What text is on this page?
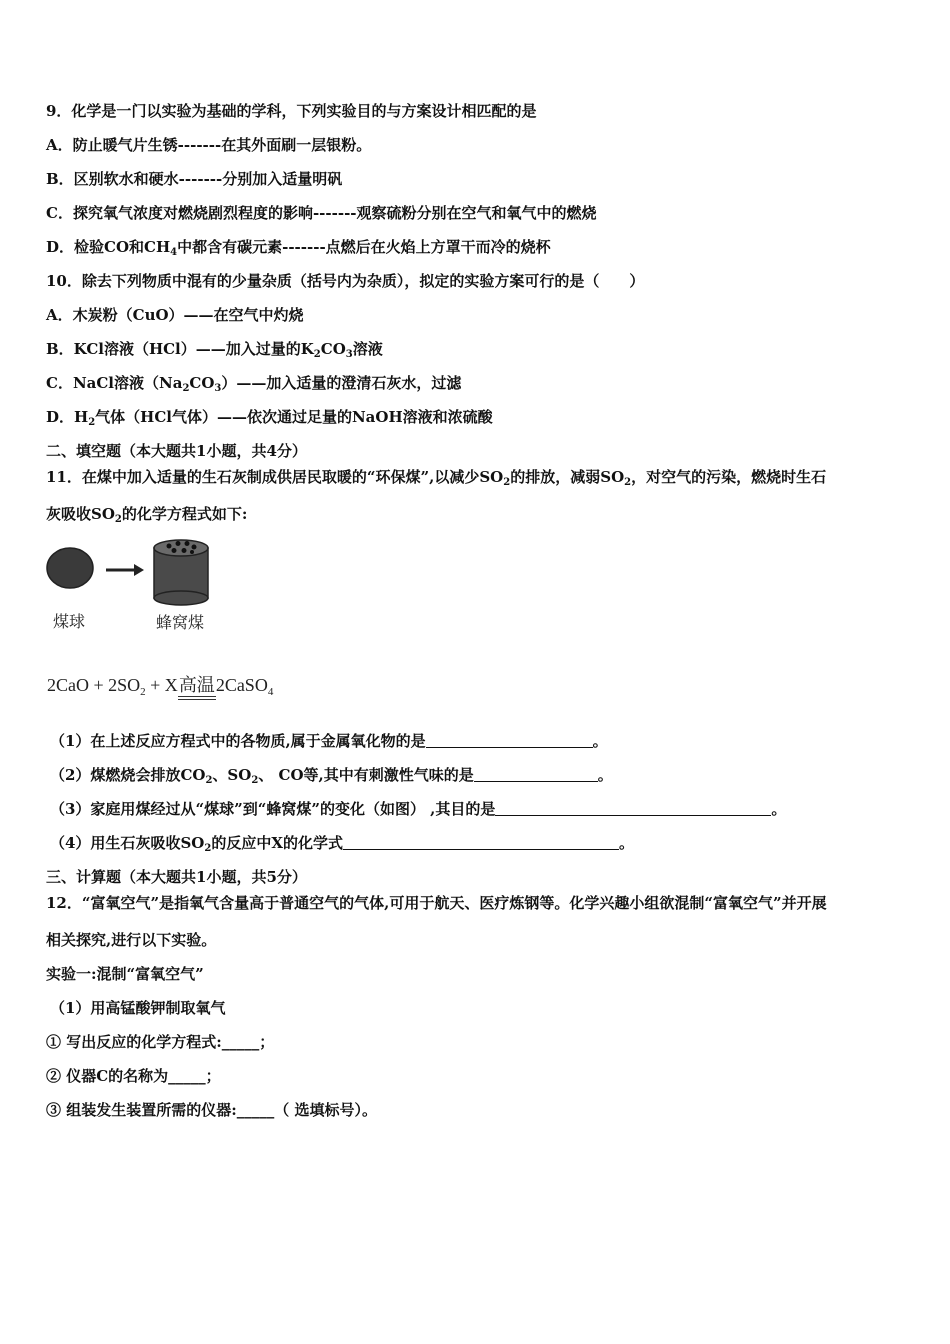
9．化学是一门以实验为基础的学科，下列实验目的与方案设计相匹配的是
A．防止暖气片生锈-------在其外面刷一层银粉。
B．区别软水和硬水-------分别加入适量明矾
C．探究氧气浓度对燃烧剧烈程度的影响-------观察硫粉分别在空气和氧气中的燃烧
D．检验CO和$CH_4$中都含有碳元素-------点燃后在火焰上方罩干而冷的烧杯
10．除去下列物质中混有的少量杂质（括号内为杂质），拟定的实验方案可行的是（　　）
A．木炭粉（CuO）——在空气中灼烧
B．KCl溶液（HCl）——加入过量的$K_2CO_3$溶液
C．NaCl溶液$(Na_2CO_3)——$加入适量的澄清石灰水，过滤
D．$H_2$气体（HCl气体）——依次通过足量的NaOH溶液和浓硫酸
二、填空题（本大题共1小题，共4分）
11．在煤中加入适量的生石灰制成供居民取暖的“环保煤”,以减少$SO_2$的排放，减弱$SO_2$，对空气的污染，燃烧时生石
灰吸收$SO_2$的化学方程式如下:
煤球	蜂窝煤
$2CaO + 2SO_2 + X$高温2CaSO$_4$
（1）在上述反应方程式中的各物质,属于金属氧化物的是	。
（2）煤燃烧会排放$CO_2$、$SO_2$、 CO等,其中有刺激性气味的是	。
（3）家庭用煤经过从“煤球”到“蜂窝煤”的变化（如图） ,其目的是	。
（4）用生石灰吸收$SO_2$的反应中X的化学式	。
三、计算题（本大题共1小题，共5分）
12．“富氧空气”是指氧气含量高于普通空气的气体,可用于航天、医疗炼钢等。化学兴趣小组欲混制“富氧空气”并开展
相关探究,进行以下实验。
实验一:混制“富氧空气”
（1）用高锰酸钾制取氧气
① 写出反应的化学方程式:_____；
② 仪器C的名称为_____；
③ 组装发生装置所需的仪器:_____（ 选填标号）。
